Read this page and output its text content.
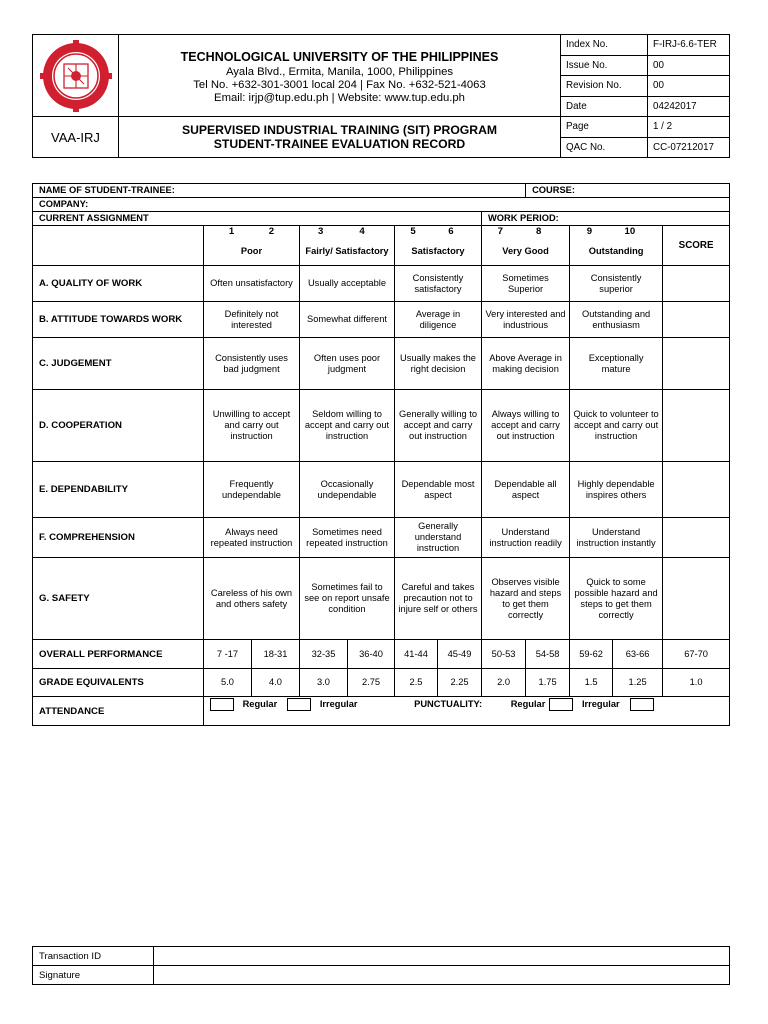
TECHNOLOGICAL UNIVERSITY OF THE PHILIPPINES
Ayala Blvd., Ermita, Manila, 1000, Philippines
Tel No. +632-301-3001 local 204 | Fax No. +632-521-4063
Email: irjp@tup.edu.ph | Website: www.tup.edu.ph	Index No.	F-IRJ-6.6-TER
		Issue No.	00
		Revision No.	00
		Date	04242017
VAA-IRJ	SUPERVISED INDUSTRIAL TRAINING (SIT) PROGRAM
STUDENT-TRAINEE EVALUATION RECORD	Page	1 / 2
		QAC No.	CC-07212017
NAME OF STUDENT-TRAINEE:								COURSE:			
COMPANY:											
CURRENT ASSIGNMENT							WORK PERIOD:				
	1 2		3 4		5 6		7 8		9 10		SCORE
	Poor		Fairly/ Satisfactory		Satisfactory		Very Good		Outstanding		
A. QUALITY OF WORK	Often unsatisfactory		Usually acceptable		Consistently satisfactory		Sometimes Superior		Consistently superior		
B. ATTITUDE TOWARDS WORK	Definitely not interested		Somewhat different		Average in diligence		Very interested and industrious		Outstanding and enthusiasm		
C. JUDGEMENT	Consistently uses bad judgment		Often uses poor judgment		Usually makes the right decision		Above Average in making decision		Exceptionally mature		
D. COOPERATION	Unwilling to accept and carry out instruction		Seldom willing to accept and carry out instruction		Generally willing to accept and carry out instruction		Always willing to accept and carry out instruction		Quick to volunteer to accept and carry out instruction		
E. DEPENDABILITY	Frequently undependable		Occasionally undependable		Dependable most aspect		Dependable all aspect		Highly dependable inspires others		
F. COMPREHENSION	Always need repeated instruction		Sometimes need repeated instruction		Generally understand instruction		Understand instruction readily		Understand instruction instantly		
G. SAFETY	Careless of his own and others safety		Sometimes fail to see on report unsafe condition		Careful and takes precaution not to injure self or others		Observes visible hazard and steps to get them correctly		Quick to some possible hazard and steps to get them correctly		
OVERALL PERFORMANCE	7 -17	18-31	32-35	36-40	41-44	45-49	50-53	54-58	59-62	63-66	67-70
GRADE EQUIVALENTS	5.0	4.0	3.0	2.75	2.5	2.25	2.0	1.75	1.5	1.25	1.0
ATTENDANCE	Regular Irregular PUNCTUALITY: Regular Irregular										
Transaction ID	
Signature	
